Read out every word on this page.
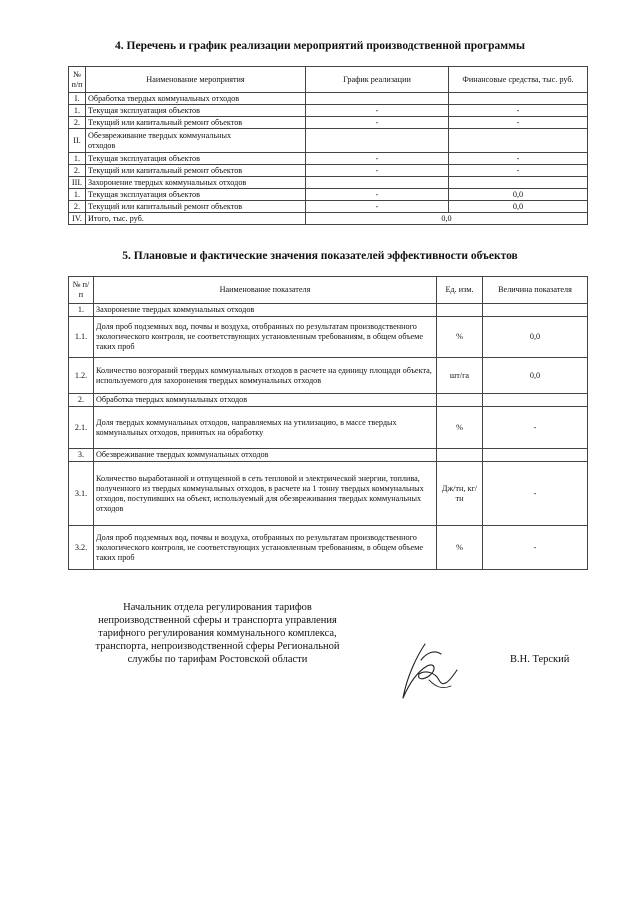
4. Перечень и график реализации мероприятий производственной программы
№ п/п	Наименование мероприятия	График реализации	Финансовые средства, тыс. руб.
I.	Обработка твердых коммунальных отходов		
1.	Текущая эксплуатация объектов	-	-
2.	Текущий или капитальный ремонт объектов	-	-
II.	Обезвреживание твердых коммунальных отходов		
1.	Текущая эксплуатация объектов	-	-
2.	Текущий или капитальный ремонт объектов	-	-
III.	Захоронение твердых коммунальных отходов		
1.	Текущая эксплуатация объектов	-	0,0
2.	Текущий или капитальный ремонт объектов	-	0,0
IV.	Итого, тыс. руб.	0,0	
5. Плановые и фактические значения показателей эффективности объектов
№ п/п	Наименование показателя	Ед. изм.	Величина показателя
1.	Захоронение твердых коммунальных отходов		
1.1.	Доля проб подземных вод, почвы и воздуха, отобранных по результатам производственного экологического контроля, не соответствующих установленным требованиям, в общем объеме таких проб	%	0,0
1.2.	Количество возгораний твердых коммунальных отходов в расчете на единицу площади объекта, используемого для захоронения твердых коммунальных отходов	шт/га	0,0
2.	Обработка твердых коммунальных отходов		
2.1.	Доля твердых коммунальных отходов, направляемых на утилизацию, в массе твердых коммунальных отходов, принятых на обработку	%	-
3.	Обезвреживание твердых коммунальных отходов		
3.1.	Количество выработанной и отпущенной в сеть тепловой и электрической энергии, топлива, полученного из твердых коммунальных отходов, в расчете на 1 тонну твердых коммунальных отходов, поступивших на объект, используемый для обезвреживания твердых коммунальных отходов	Дж/тн, кг/тн	-
3.2.	Доля проб подземных вод, почвы и воздуха, отобранных по результатам производственного экологического контроля, не соответствующих установленным требованиям, в общем объеме таких проб	%	-
Начальник отдела регулирования тарифов
непроизводственной сферы и транспорта управления
тарифного регулирования коммунального комплекса,
транспорта, непроизводственной сферы Региональной
службы по тарифам Ростовской области	В.Н. Терский
